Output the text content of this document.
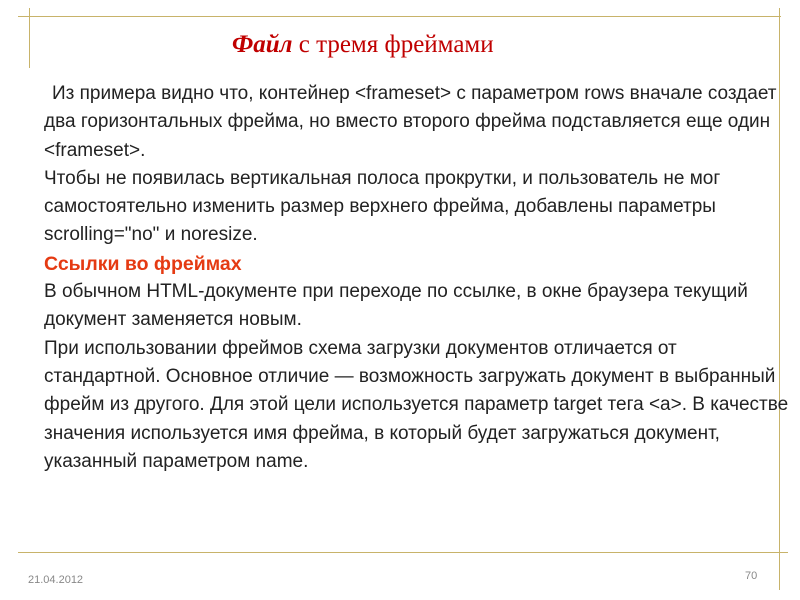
Файл с тремя фреймами

Из примера видно что, контейнер <frameset> с параметром rows вначале создает два горизонтальных фрейма, но вместо второго фрейма подставляется еще один <frameset>.

Чтобы не появилась вертикальная полоса прокрутки, и пользователь не мог самостоятельно изменить размер верхнего фрейма, добавлены параметры scrolling="no" и noresize.

Ссылки во фреймах

В обычном HTML-документе при переходе по ссылке, в окне браузера текущий документ заменяется новым.

При использовании фреймов схема загрузки документов отличается от стандартной. Основное отличие — возможность загружать документ в выбранный фрейм из другого. Для этой цели используется параметр target тега <a>. В качестве значения используется имя фрейма, в который будет загружаться документ, указанный параметром name.

21.04.2012	70
